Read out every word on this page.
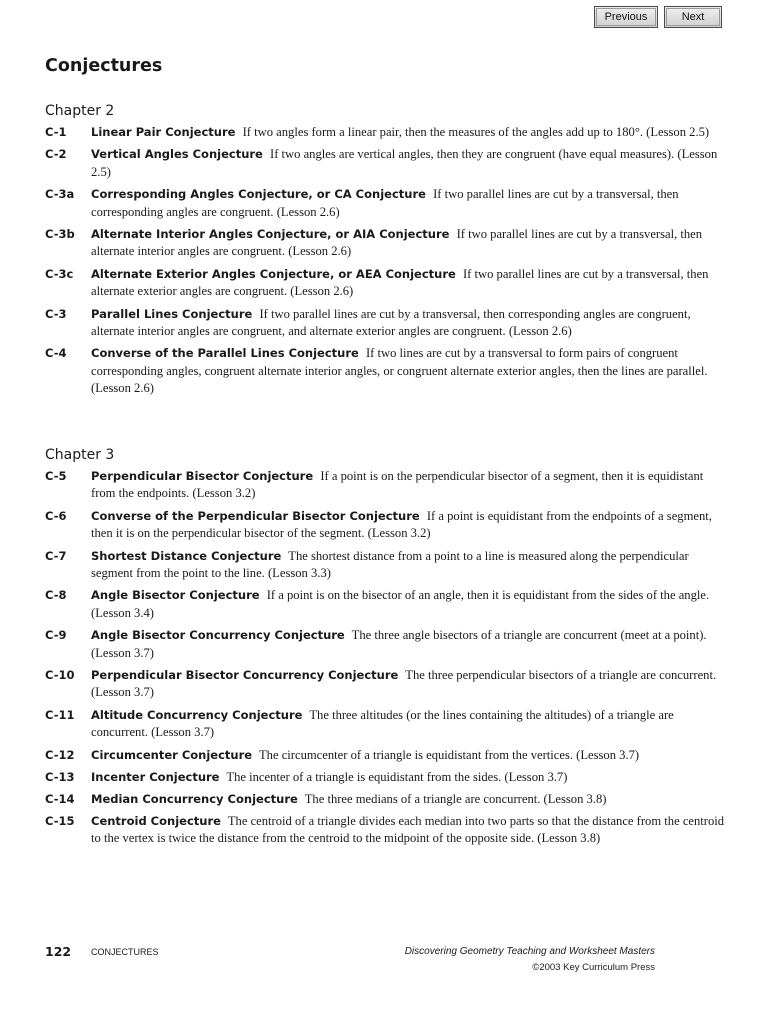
Previous	Next
Conjectures
Chapter 2
C-1 Linear Pair Conjecture If two angles form a linear pair, then the measures of the angles add up to 180°. (Lesson 2.5)
C-2 Vertical Angles Conjecture If two angles are vertical angles, then they are congruent (have equal measures). (Lesson 2.5)
C-3a Corresponding Angles Conjecture, or CA Conjecture If two parallel lines are cut by a transversal, then corresponding angles are congruent. (Lesson 2.6)
C-3b Alternate Interior Angles Conjecture, or AIA Conjecture If two parallel lines are cut by a transversal, then alternate interior angles are congruent. (Lesson 2.6)
C-3c Alternate Exterior Angles Conjecture, or AEA Conjecture If two parallel lines are cut by a transversal, then alternate exterior angles are congruent. (Lesson 2.6)
C-3 Parallel Lines Conjecture If two parallel lines are cut by a transversal, then corresponding angles are congruent, alternate interior angles are congruent, and alternate exterior angles are congruent. (Lesson 2.6)
C-4 Converse of the Parallel Lines Conjecture If two lines are cut by a transversal to form pairs of congruent corresponding angles, congruent alternate interior angles, or congruent alternate exterior angles, then the lines are parallel. (Lesson 2.6)
Chapter 3
C-5 Perpendicular Bisector Conjecture If a point is on the perpendicular bisector of a segment, then it is equidistant from the endpoints. (Lesson 3.2)
C-6 Converse of the Perpendicular Bisector Conjecture If a point is equidistant from the endpoints of a segment, then it is on the perpendicular bisector of the segment. (Lesson 3.2)
C-7 Shortest Distance Conjecture The shortest distance from a point to a line is measured along the perpendicular segment from the point to the line. (Lesson 3.3)
C-8 Angle Bisector Conjecture If a point is on the bisector of an angle, then it is equidistant from the sides of the angle. (Lesson 3.4)
C-9 Angle Bisector Concurrency Conjecture The three angle bisectors of a triangle are concurrent (meet at a point). (Lesson 3.7)
C-10 Perpendicular Bisector Concurrency Conjecture The three perpendicular bisectors of a triangle are concurrent. (Lesson 3.7)
C-11 Altitude Concurrency Conjecture The three altitudes (or the lines containing the altitudes) of a triangle are concurrent. (Lesson 3.7)
C-12 Circumcenter Conjecture The circumcenter of a triangle is equidistant from the vertices. (Lesson 3.7)
C-13 Incenter Conjecture The incenter of a triangle is equidistant from the sides. (Lesson 3.7)
C-14 Median Concurrency Conjecture The three medians of a triangle are concurrent. (Lesson 3.8)
C-15 Centroid Conjecture The centroid of a triangle divides each median into two parts so that the distance from the centroid to the vertex is twice the distance from the centroid to the midpoint of the opposite side. (Lesson 3.8)
122 CONJECTURES	Discovering Geometry Teaching and Worksheet Masters
©2003 Key Curriculum Press
